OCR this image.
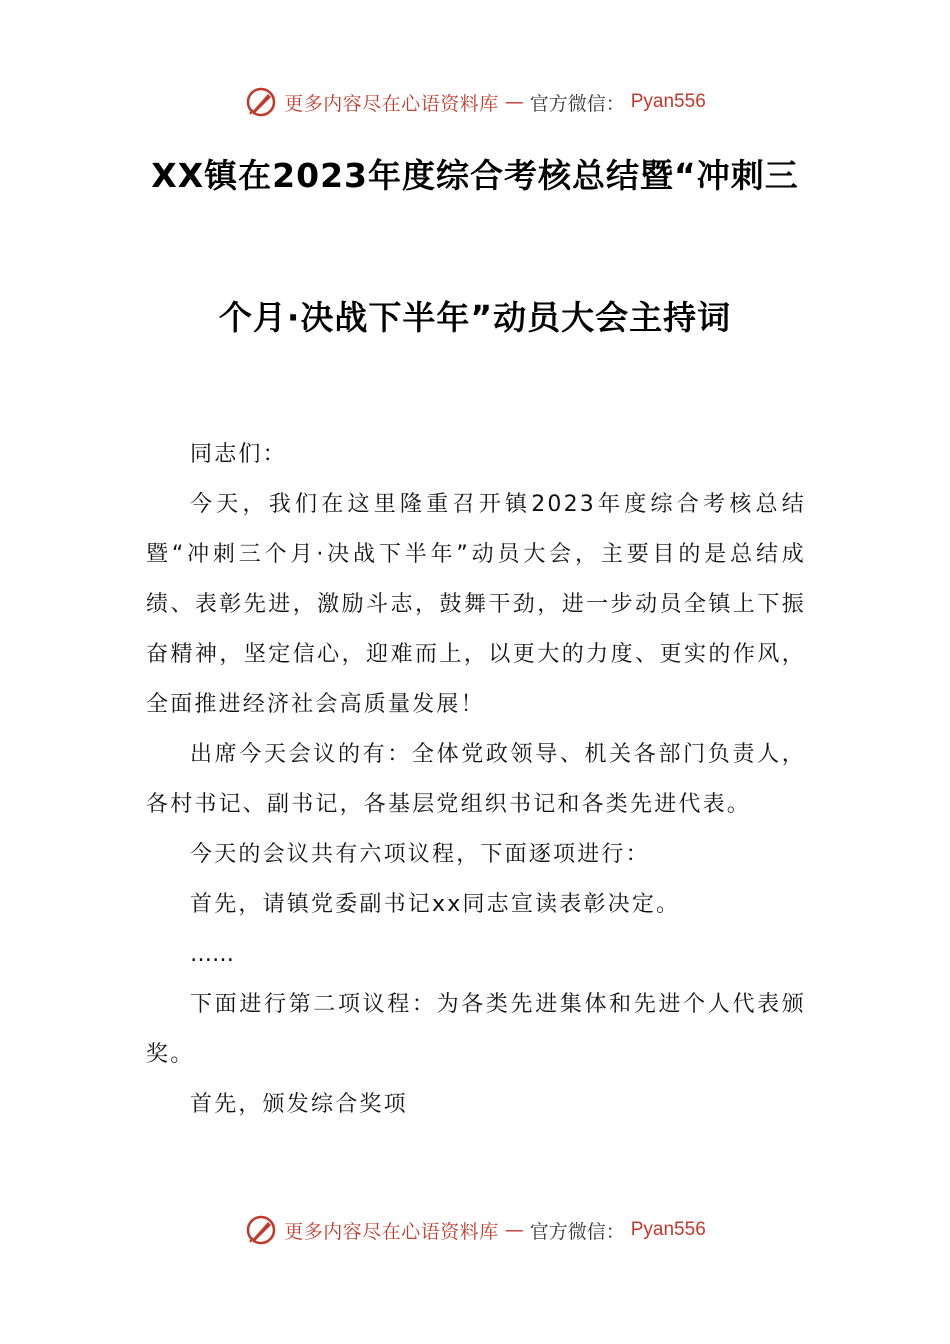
更多内容尽在心语资料库 — 官方微信： Pyan556
XX镇在2023年度综合考核总结暨“冲刺三
个月·决战下半年”动员大会主持词

同志们：

今天，我们在这里隆重召开镇2023年度综合考核总结暨“冲刺三个月·决战下半年”动员大会，主要目的是总结成绩、表彰先进，激励斗志，鼓舞干劲，进一步动员全镇上下振奋精神，坚定信心，迎难而上，以更大的力度、更实的作风，全面推进经济社会高质量发展！

出席今天会议的有：全体党政领导、机关各部门负责人，各村书记、副书记，各基层党组织书记和各类先进代表。

今天的会议共有六项议程，下面逐项进行：

首先，请镇党委副书记xx同志宣读表彰决定。

……

下面进行第二项议程：为各类先进集体和先进个人代表颁奖。

首先，颁发综合奖项

更多内容尽在心语资料库 — 官方微信： Pyan556
